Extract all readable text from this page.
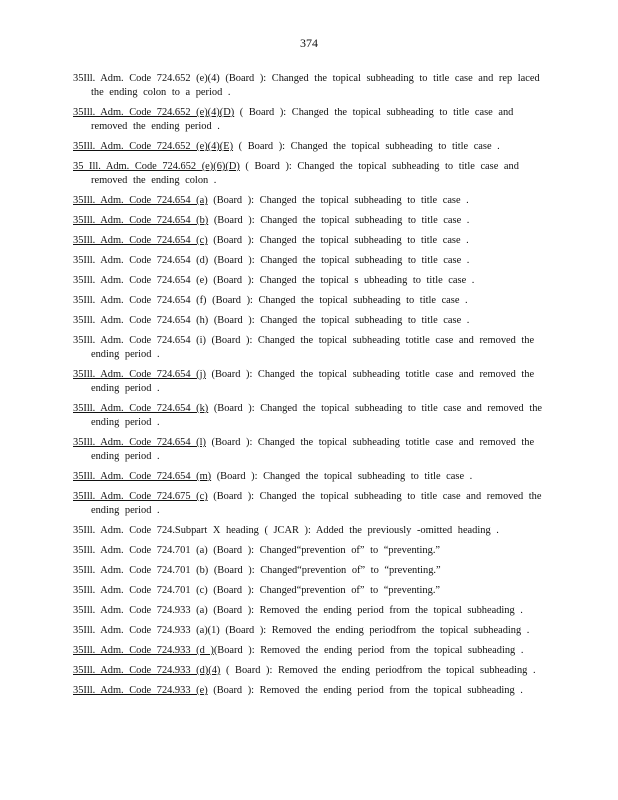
374

35Ill. Adm. Code 724.652 (e)(4) (Board ): Changed the topical subheading to title case and rep laced the ending colon to a period .

35Ill. Adm. Code 724.652 (e)(4)(D) ( Board ): Changed the topical subheading to title case and removed the ending period .

35Ill. Adm. Code 724.652 (e)(4)(E) ( Board ): Changed the topical subheading to title case .

35 Ill. Adm. Code 724.652 (e)(6)(D) ( Board ): Changed the topical subheading to title case and removed the ending colon .

35Ill. Adm. Code 724.654 (a) (Board ): Changed the topical subheading to title case .

35Ill. Adm. Code 724.654 (b) (Board ): Changed the topical subheading to title case .

35Ill. Adm. Code 724.654 (c) (Board ): Changed the topical subheading to title case .

35Ill. Adm. Code 724.654 (d) (Board ): Changed the topical subheading to title case .

35Ill. Adm. Code 724.654 (e) (Board ): Changed the topical s ubheading to title case .

35Ill. Adm. Code 724.654 (f) (Board ): Changed the topical subheading to title case .

35Ill. Adm. Code 724.654 (h) (Board ): Changed the topical subheading to title case .

35Ill. Adm. Code 724.654 (i) (Board ): Changed the topical subheading totitle case and removed the ending period .

35Ill. Adm. Code 724.654 (j) (Board ): Changed the topical subheading totitle case and removed the ending period .

35Ill. Adm. Code 724.654 (k) (Board ): Changed the topical subheading to title case and removed the ending period .

35Ill. Adm. Code 724.654 (l) (Board ): Changed the topical subheading totitle case and removed the ending period .

35Ill. Adm. Code 724.654 (m) (Board ): Changed the topical subheading to title case .

35Ill. Adm. Code 724.675 (c) (Board ): Changed the topical subheading to title case and removed the ending period .

35Ill. Adm. Code 724.Subpart X heading ( JCAR ): Added the previously -omitted heading .

35Ill. Adm. Code 724.701 (a) (Board ): Changed“prevention of” to “preventing.”

35Ill. Adm. Code 724.701 (b) (Board ): Changed“prevention of” to “preventing.”

35Ill. Adm. Code 724.701 (c) (Board ): Changed“prevention of” to “preventing.”

35Ill. Adm. Code 724.933 (a) (Board ): Removed the ending period from the topical subheading .

35Ill. Adm. Code 724.933 (a)(1) (Board ): Removed the ending periodfrom the topical subheading .

35Ill. Adm. Code 724.933 (d )(Board ): Removed the ending period from the topical subheading .

35Ill. Adm. Code 724.933 (d)(4) ( Board ): Removed the ending periodfrom the topical subheading .

35Ill. Adm. Code 724.933 (e) (Board ): Removed the ending period from the topical subheading .
